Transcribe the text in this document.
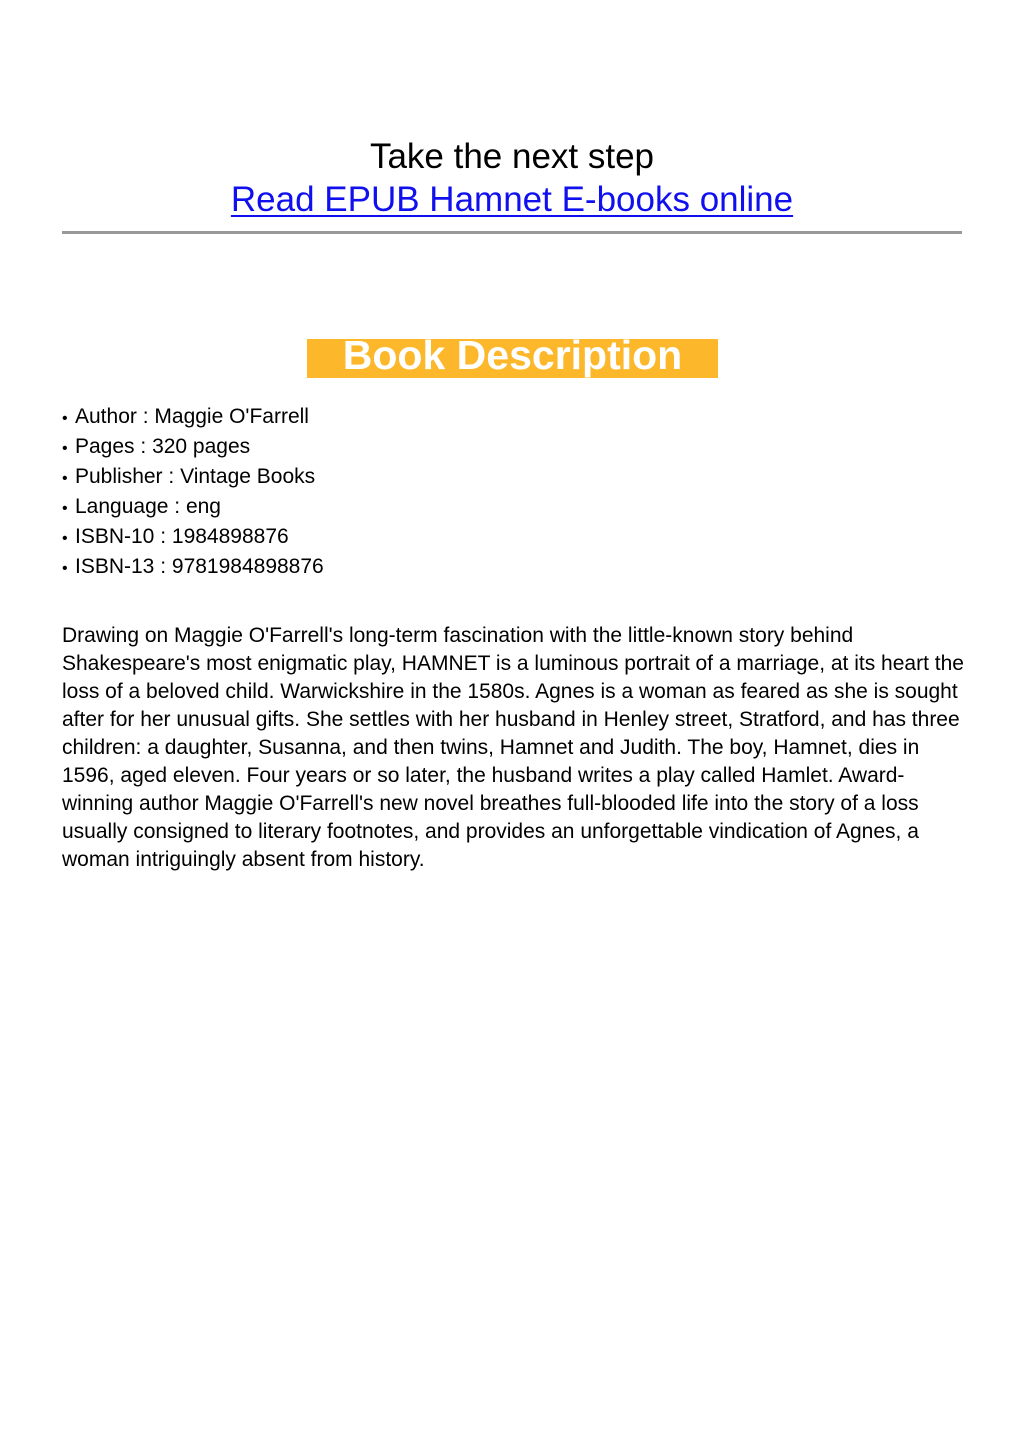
Take the next step
Read EPUB Hamnet E-books online
Book Description
• Author : Maggie O'Farrell
• Pages : 320 pages
• Publisher : Vintage Books
• Language : eng
• ISBN-10 : 1984898876
• ISBN-13 : 9781984898876

Drawing on Maggie O'Farrell's long-term fascination with the little-known story behind Shakespeare's most enigmatic play, HAMNET is a luminous portrait of a marriage, at its heart the loss of a beloved child. Warwickshire in the 1580s. Agnes is a woman as feared as she is sought after for her unusual gifts. She settles with her husband in Henley street, Stratford, and has three children: a daughter, Susanna, and then twins, Hamnet and Judith. The boy, Hamnet, dies in 1596, aged eleven. Four years or so later, the husband writes a play called Hamlet. Award-winning author Maggie O'Farrell's new novel breathes full-blooded life into the story of a loss usually consigned to literary footnotes, and provides an unforgettable vindication of Agnes, a woman intriguingly absent from history.
